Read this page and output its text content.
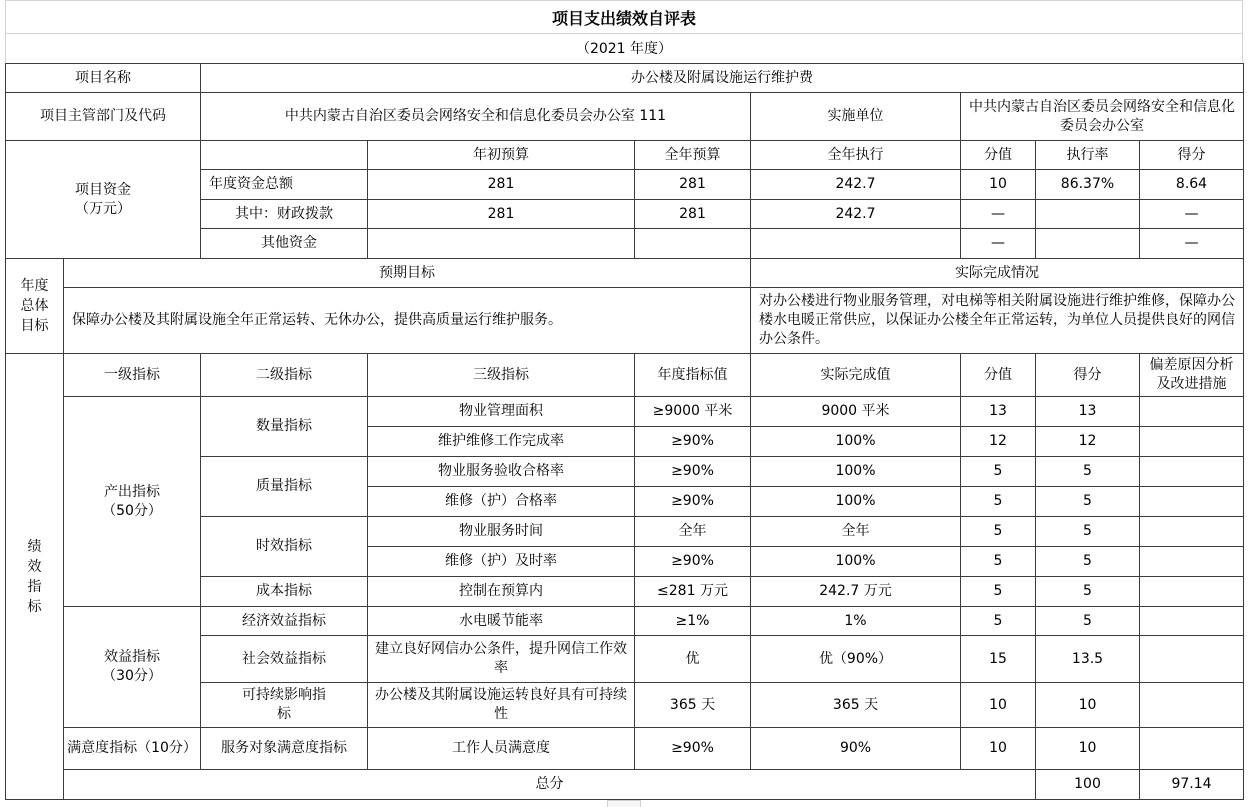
项目支出绩效自评表
（2021 年度）
项目名称		办公楼及附属设施运行维护费							
项目主管部门及代码		中共内蒙古自治区委员会网络安全和信息化委员会办公室 111			实施单位	中共内蒙古自治区委员会网络安全和信息化委员会办公室			
项目资金（万元）			年初预算	全年预算	全年执行	分值	执行率	得分	
		年度资金总额	281	281	242.7	10	86.37%	8.64	
		其中：财政拨款	281	281	242.7	—		—	
		其他资金				—		—	
年度总体目标	预期目标				实际完成情况				
	保障办公楼及其附属设施全年正常运转、无休办公，提供高质量运行维护服务。				对办公楼进行物业服务管理，对电梯等相关附属设施进行维护维修，保障办公楼水电暖正常供应，以保证办公楼全年正常运转，为单位人员提供良好的网信办公条件。				
绩效指标	一级指标	二级指标	三级指标	年度指标值	实际完成值	分值	得分	偏差原因分析及改进措施	
	产出指标（50分）	数量指标	物业管理面积	≥9000 平米	9000 平米	13	13		
			维护维修工作完成率	≥90%	100%	12	12		
		质量指标	物业服务验收合格率	≥90%	100%	5	5		
			维修（护）合格率	≥90%	100%	5	5		
		时效指标	物业服务时间	全年	全年	5	5		
			维修（护）及时率	≥90%	100%	5	5		
		成本指标	控制在预算内	≤281 万元	242.7 万元	5	5		
	效益指标（30分）	经济效益指标	水电暖节能率	≥1%	1%	5	5		
		社会效益指标	建立良好网信办公条件，提升网信工作效率	优	优（90%）	15	13.5		
		可持续影响指标	办公楼及其附属设施运转良好具有可持续性	365 天	365 天	10	10		
	满意度指标（10分）	服务对象满意度指标	工作人员满意度	≥90%	90%	10	10		
	总分						100	97.14	
